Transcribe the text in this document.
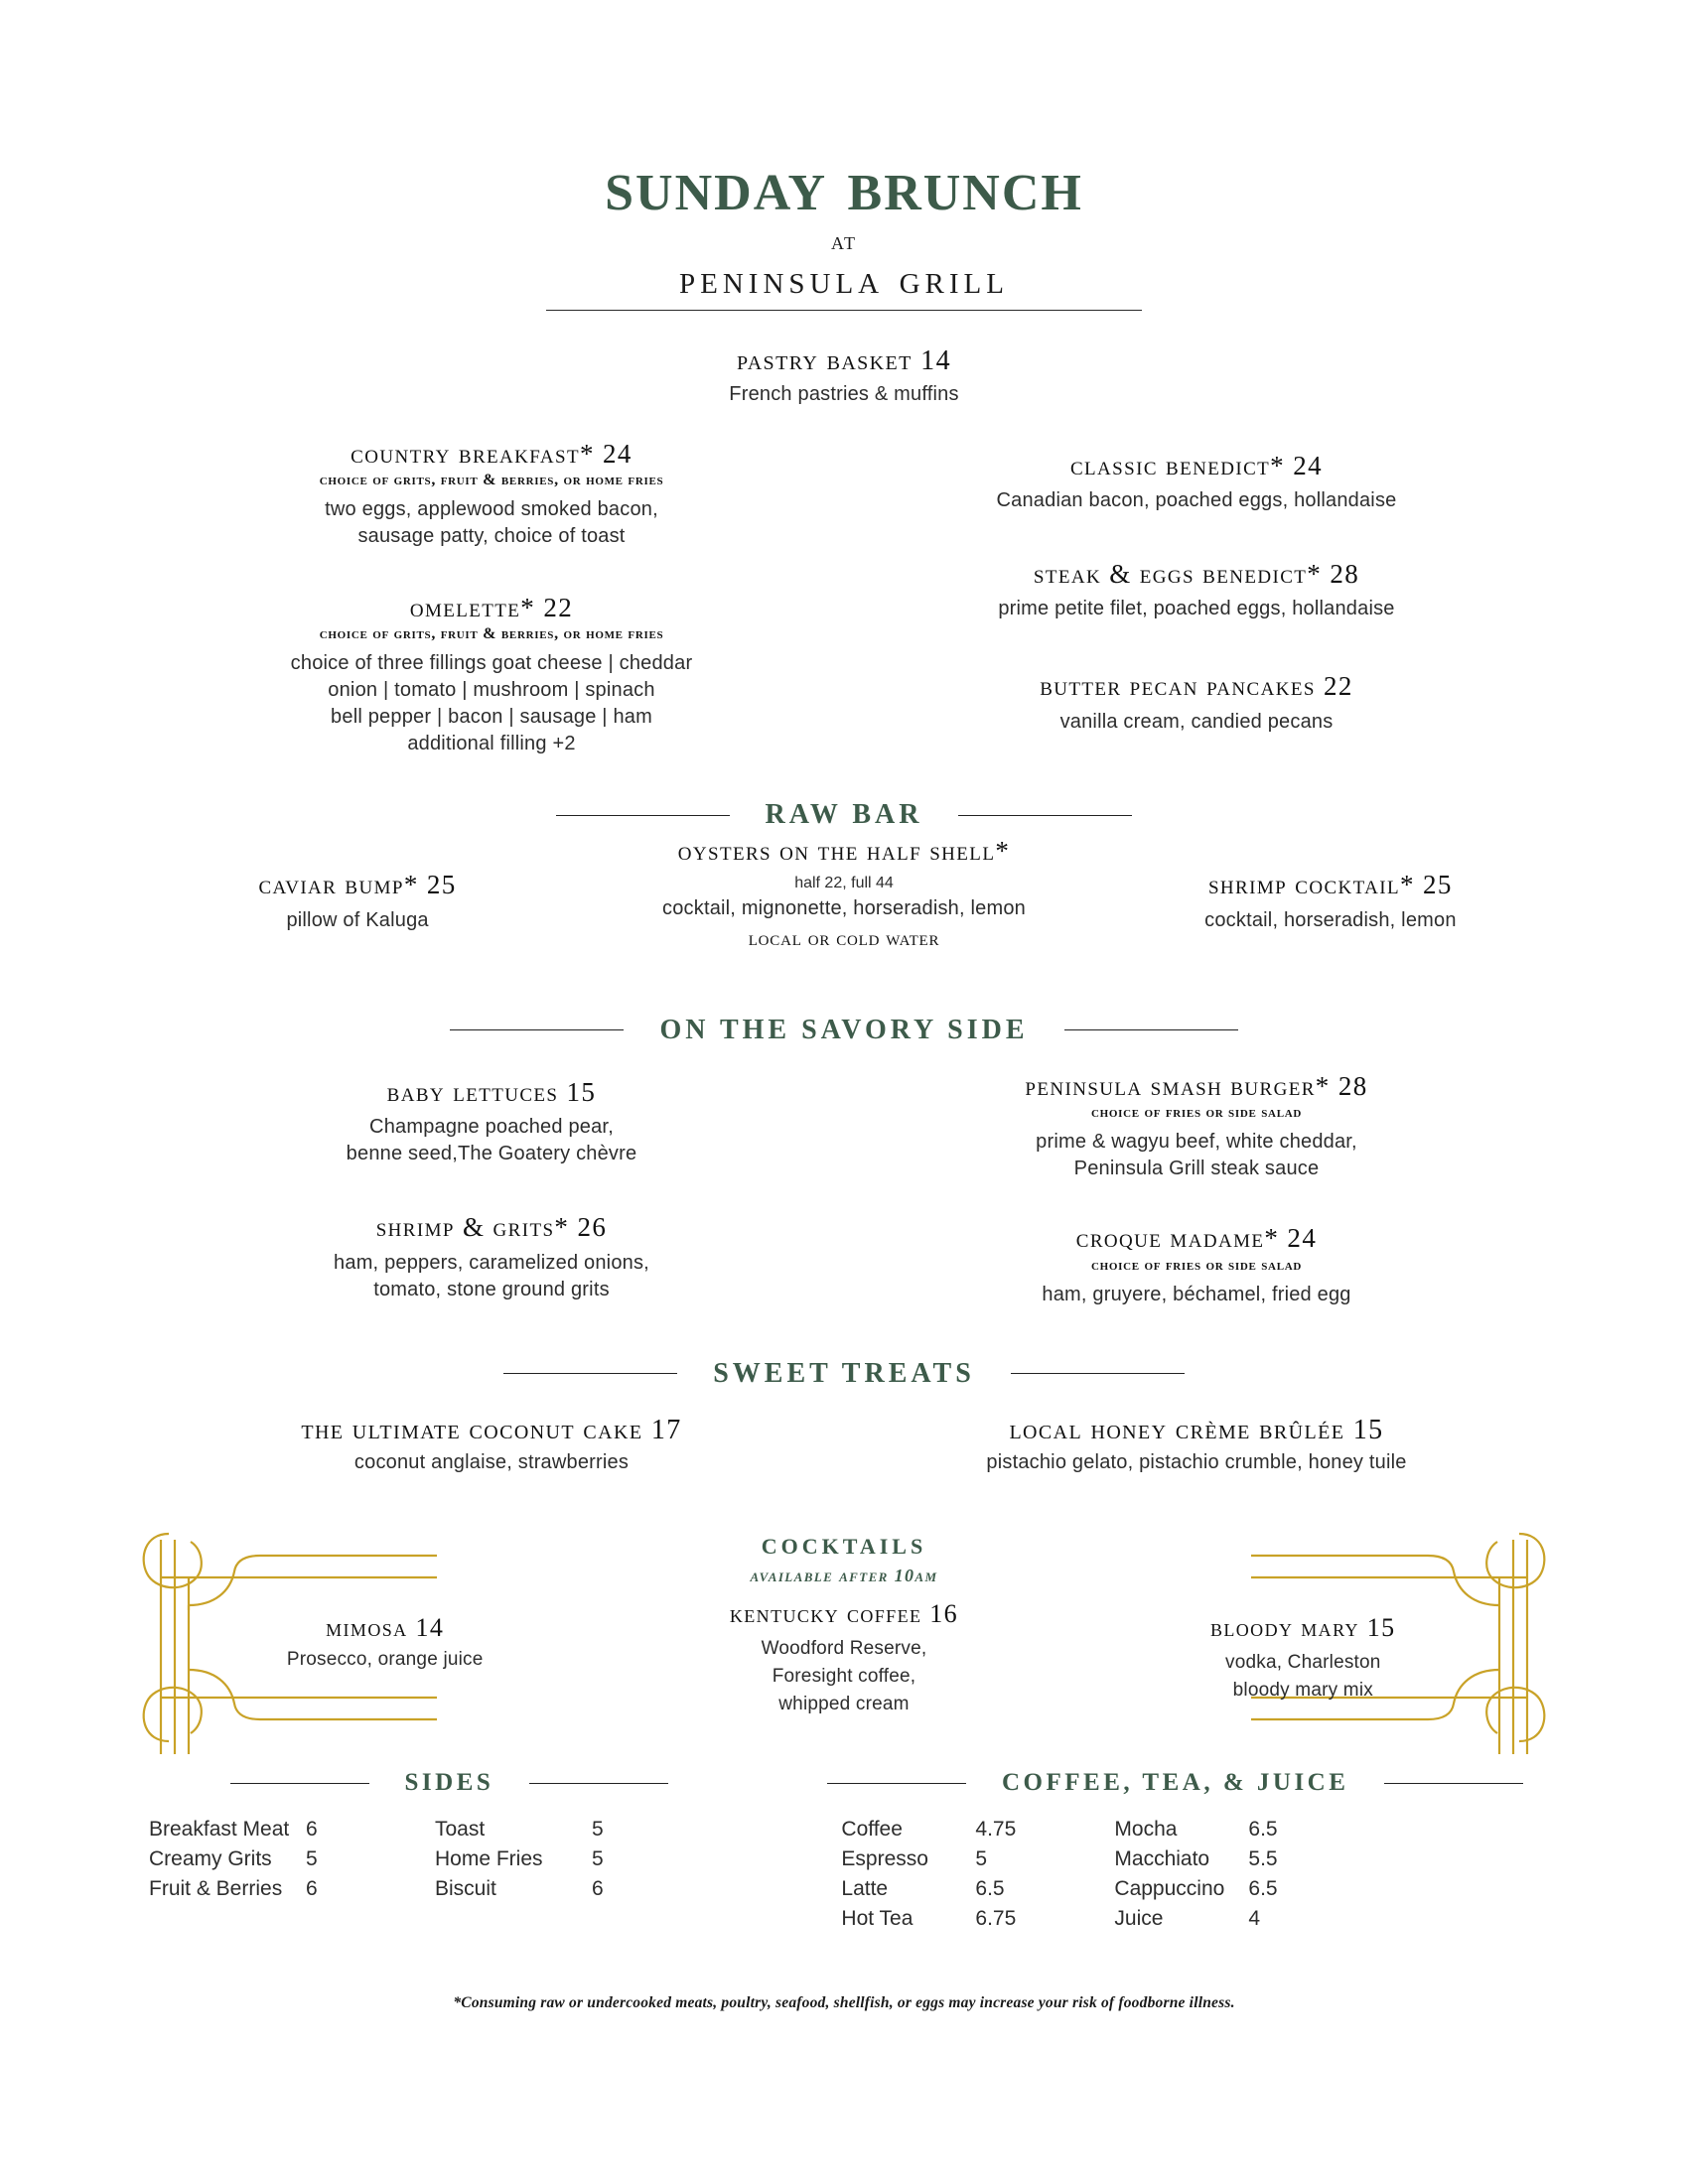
sunday brunch
at
peninsula grill
pastry basket 14
French pastries & muffins
country breakfast* 24
choice of grits, fruit & berries, or home fries
two eggs, applewood smoked bacon,
sausage patty, choice of toast
omelette* 22
choice of grits, fruit & berries, or home fries
choice of three fillings goat cheese | cheddar
onion | tomato | mushroom | spinach
bell pepper | bacon | sausage | ham
additional filling +2
classic benedict* 24
Canadian bacon, poached eggs, hollandaise
steak & eggs benedict* 28
prime petite filet, poached eggs, hollandaise
butter pecan pancakes 22
vanilla cream, candied pecans
RAW BAR
caviar bump* 25
pillow of Kaluga
oysters on the half shell*
half 22, full 44
cocktail, mignonette, horseradish, lemon
local or cold water
shrimp cocktail* 25
cocktail, horseradish, lemon
ON THE SAVORY SIDE
baby lettuces 15
Champagne poached pear,
benne seed,The Goatery chèvre
shrimp & grits* 26
ham, peppers, caramelized onions,
tomato, stone ground grits
peninsula smash burger* 28
choice of fries or side salad
prime & wagyu beef, white cheddar,
Peninsula Grill steak sauce
croque madame* 24
choice of fries or side salad
ham, gruyere, béchamel, fried egg
SWEET TREATS
the ultimate coconut cake 17
coconut anglaise, strawberries
local honey crème brûlée 15
pistachio gelato, pistachio crumble, honey tuile
cocktails
available after 10am
mimosa 14
Prosecco, orange juice
kentucky coffee 16
Woodford Reserve,
Foresight coffee,
whipped cream
bloody mary 15
vodka, Charleston
bloody mary mix
SIDES
Breakfast Meat 6
Creamy Grits	5
Fruit & Berries	6
Toast	5
Home Fries	5
Biscuit	6
COFFEE, TEA, & JUICE
Coffee	4.75
Espresso	5
Latte	6.5
Hot Tea	6.75
Mocha	6.5
Macchiato	5.5
Cappuccino	6.5
Juice	4
*Consuming raw or undercooked meats, poultry, seafood, shellfish, or eggs may increase your risk of foodborne illness.
